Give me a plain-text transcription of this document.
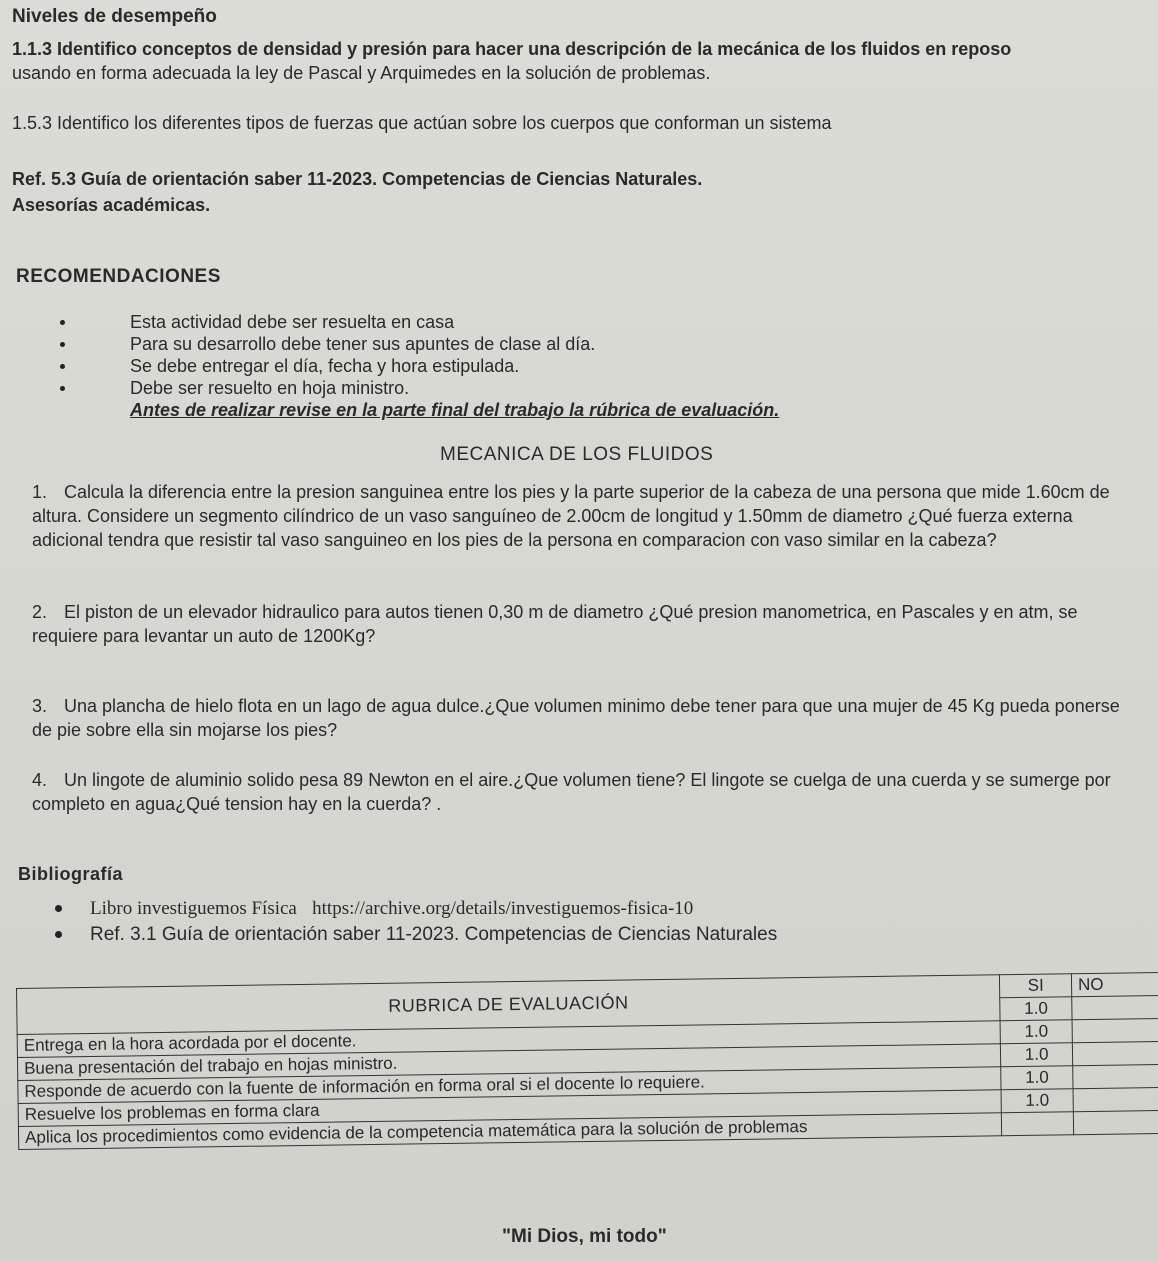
Niveles de desempeño
1.1.3 Identifico conceptos de densidad y presión para hacer una descripción de la mecánica de los fluidos en reposo
usando en forma adecuada la ley de Pascal y Arquimedes en la solución de problemas.
1.5.3 Identifico los diferentes tipos de fuerzas que actúan sobre los cuerpos que conforman un sistema
Ref. 5.3 Guía de orientación saber 11-2023. Competencias de Ciencias Naturales.
Asesorías académicas.
RECOMENDACIONES
Esta actividad debe ser resuelta en casa
Para su desarrollo debe tener sus apuntes de clase al día.
Se debe entregar el día, fecha y hora estipulada.
Debe ser resuelto en hoja ministro.
Antes de realizar revise en la parte final del trabajo la rúbrica de evaluación.
MECANICA DE LOS FLUIDOS
1. Calcula la diferencia entre la presion sanguinea entre los pies y la parte superior de la cabeza de una persona que mide 1.60cm de altura. Considere un segmento cilíndrico de un vaso sanguíneo de 2.00cm de longitud y 1.50mm de diametro ¿Qué fuerza externa adicional tendra que resistir tal vaso sanguineo en los pies de la persona en comparacion con vaso similar en la cabeza?
2. El piston de un elevador hidraulico para autos tienen 0,30 m de diametro ¿Qué presion manometrica, en Pascales y en atm, se requiere para levantar un auto de 1200Kg?
3. Una plancha de hielo flota en un lago de agua dulce.¿Que volumen minimo debe tener para que una mujer de 45 Kg pueda ponerse de pie sobre ella sin mojarse los pies?
4. Un lingote de aluminio solido pesa 89 Newton en el aire.¿Que volumen tiene? El lingote se cuelga de una cuerda y se sumerge por completo en agua¿Qué tension hay en la cuerda? .
Bibliografía
Libro investiguemos Física https://archive.org/details/investiguemos-fisica-10
Ref. 3.1 Guía de orientación saber 11-2023. Competencias de Ciencias Naturales
RUBRICA DE EVALUACIÓN	SI	NO
	1.0	
Entrega en la hora acordada por el docente.	1.0	
Buena presentación del trabajo en hojas ministro.	1.0	
Responde de acuerdo con la fuente de información en forma oral si el docente lo requiere.	1.0	
Resuelve los problemas en forma clara	1.0	
Aplica los procedimientos como evidencia de la competencia matemática para la solución de problemas		
"Mi Dios, mi todo"
